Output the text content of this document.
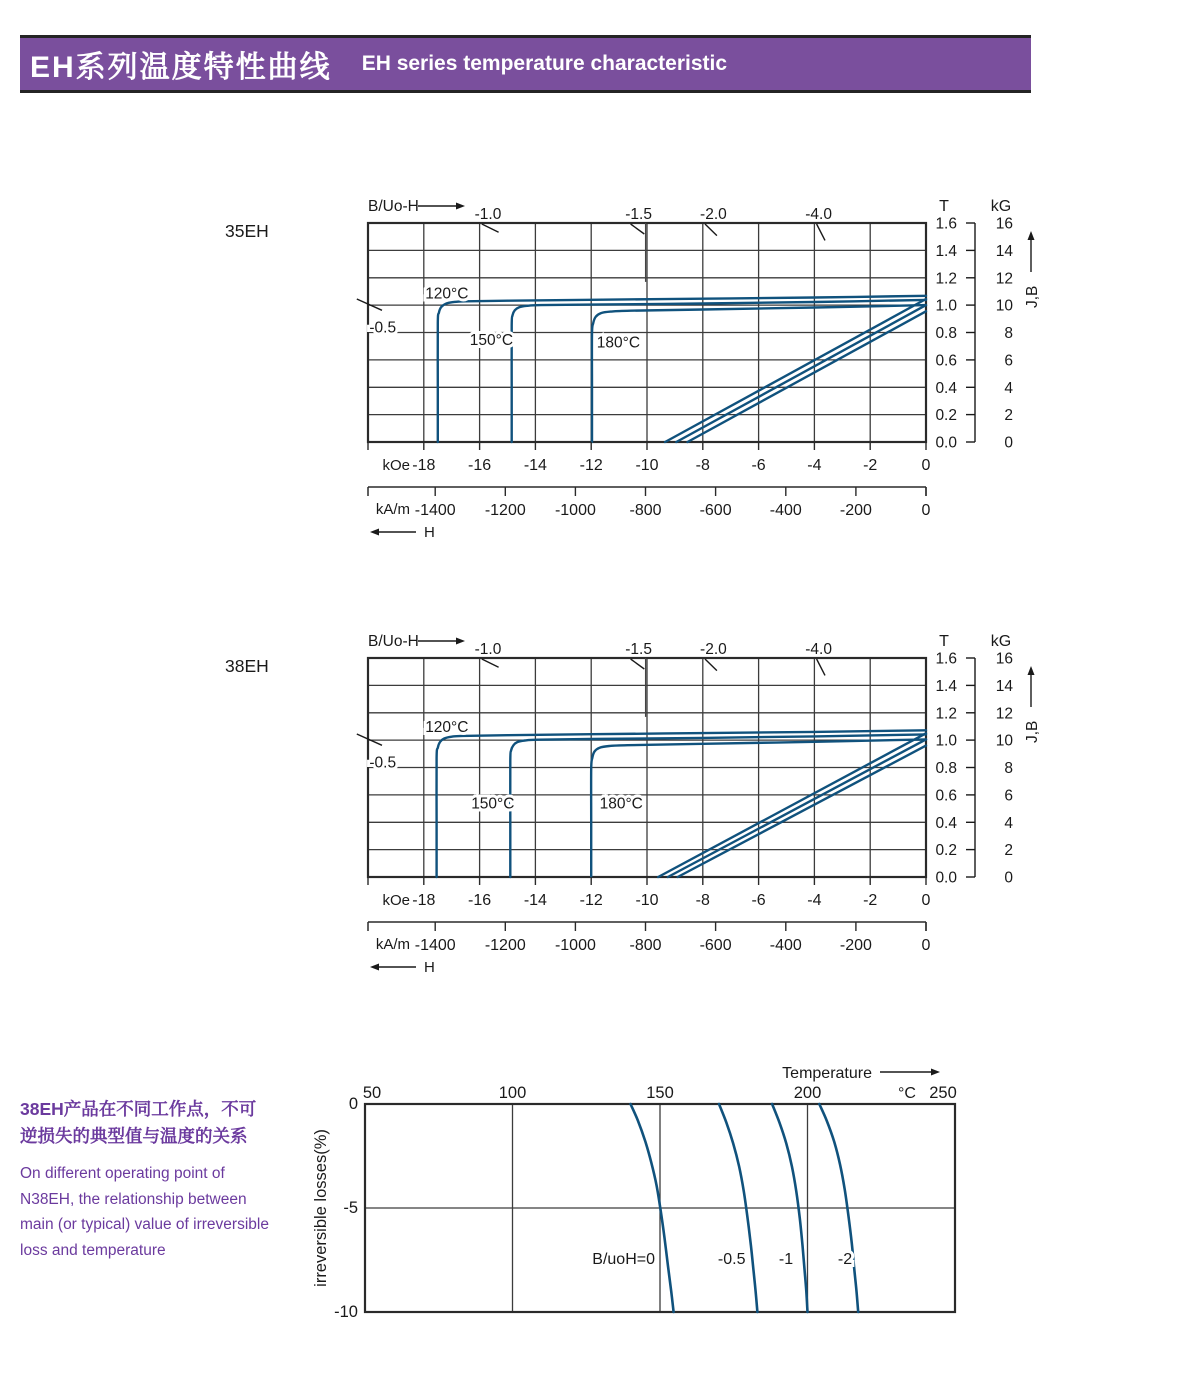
EH系列温度特性曲线 EH series temperature characteristic
38EH产品在不同工作点，不可
逆损失的典型值与温度的关系
On different operating point of
N38EH, the relationship between
main (or typical) value of irreversible
loss and temperature
35EH
B/Uo-H	-1.0	-1.5	-2.0	-4.0
-0.5
120°C
150°C	180°C
kOe -18 -16 -14 -12 -10 -8	-6	-4	-2	0
-1400 -1200 -1000 -800 -600 -400 -200	0
kA/m
H
T	kG
1.6	16
1.4	14
1.2	12
1.0	10
0.8	8
0.6	6
0.4	4
0.2	2
0.0	0
J,B
38EH
B/Uo-H	-1.0	-1.5	-2.0	-4.0
-0.5
120°C
150°C	180°C
kOe -18 -16 -14 -12 -10 -8	-6	-4	-2	0
-1400 -1200 -1000 -800 -600 -400 -200	0
kA/m
H
T	kG
1.6	16
1.4	14
1.2	12
1.0	10
0.8	8
0.6	6
0.4	4
0.2	2
0.0	0
J,B
50	100	150	200	250
°C
Temperature
0
-5
-10
irreversible losses(%)	B/uoH=0	-0.5 -1	-2
